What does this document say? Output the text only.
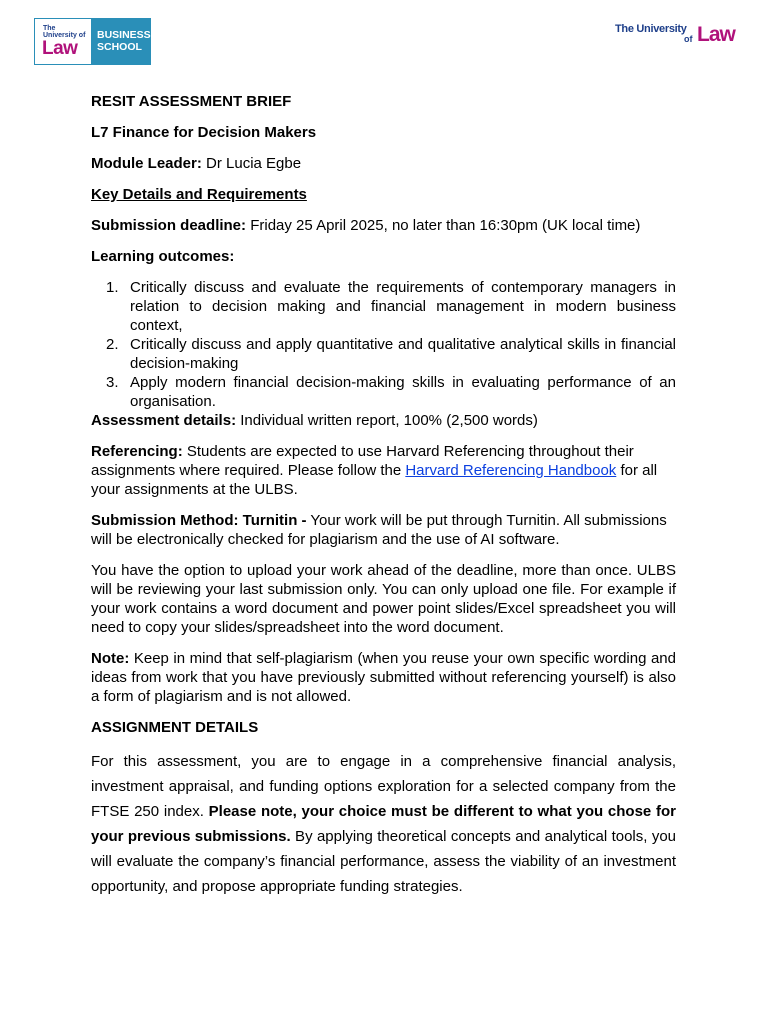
The
University of
Law
BUSINESS
SCHOOL
The University
of Law

RESIT ASSESSMENT BRIEF

L7 Finance for Decision Makers

Module Leader: Dr Lucia Egbe

Key Details and Requirements

Submission deadline: Friday 25 April 2025, no later than 16:30pm (UK local time)

Learning outcomes:

1. Critically discuss and evaluate the requirements of contemporary managers in relation to decision making and financial management in modern business context,
2. Critically discuss and apply quantitative and qualitative analytical skills in financial decision-making
3. Apply modern financial decision-making skills in evaluating performance of an organisation.

Assessment details: Individual written report, 100% (2,500 words)

Referencing: Students are expected to use Harvard Referencing throughout their assignments where required. Please follow the Harvard Referencing Handbook for all your assignments at the ULBS.

Submission Method: Turnitin - Your work will be put through Turnitin. All submissions will be electronically checked for plagiarism and the use of AI software.

You have the option to upload your work ahead of the deadline, more than once. ULBS will be reviewing your last submission only. You can only upload one file. For example if your work contains a word document and power point slides/Excel spreadsheet you will need to copy your slides/spreadsheet into the word document.

Note: Keep in mind that self-plagiarism (when you reuse your own specific wording and ideas from work that you have previously submitted without referencing yourself) is also a form of plagiarism and is not allowed.

ASSIGNMENT DETAILS

For this assessment, you are to engage in a comprehensive financial analysis, investment appraisal, and funding options exploration for a selected company from the FTSE 250 index. Please note, your choice must be different to what you chose for your previous submissions. By applying theoretical concepts and analytical tools, you will evaluate the company’s financial performance, assess the viability of an investment opportunity, and propose appropriate funding strategies.
